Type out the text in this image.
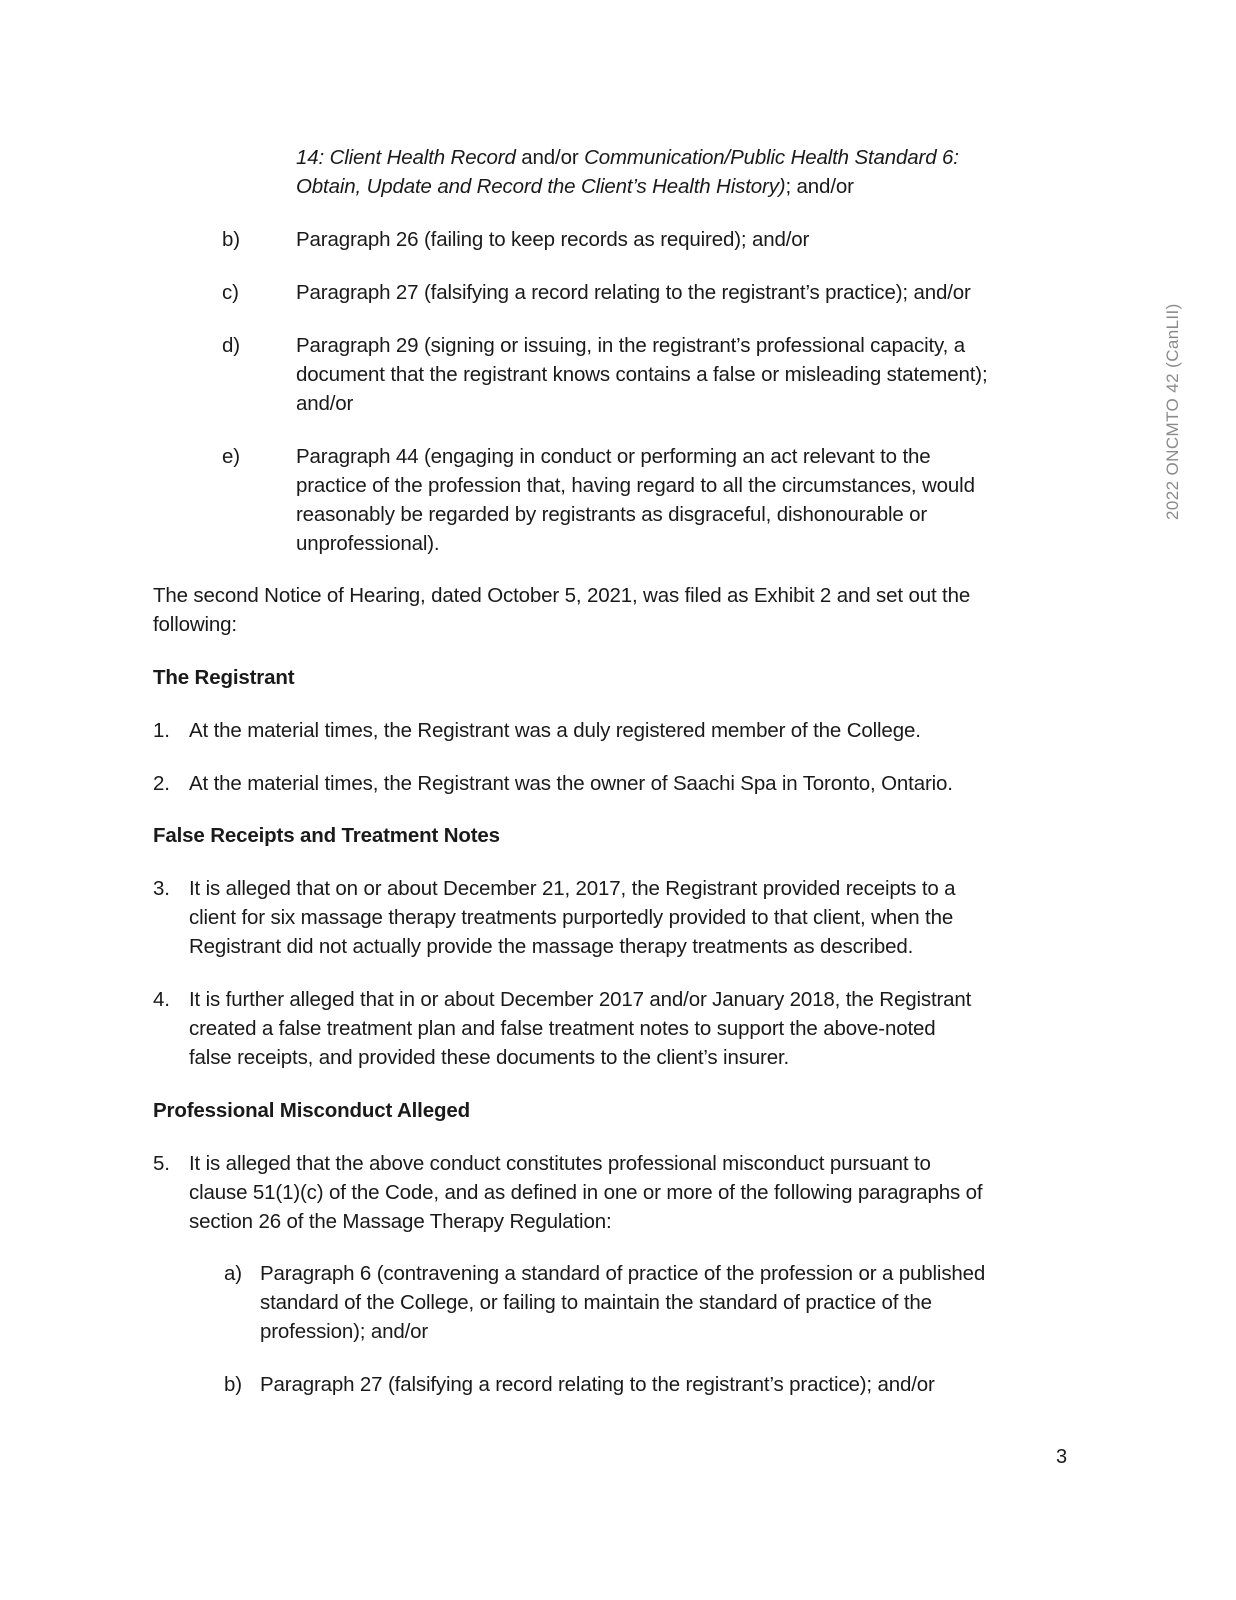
14: Client Health Record and/or Communication/Public Health Standard 6:
Obtain, Update and Record the Client’s Health History); and/or
b)	Paragraph 26 (failing to keep records as required); and/or
c)	Paragraph 27 (falsifying a record relating to the registrant’s practice); and/or
d)	Paragraph 29 (signing or issuing, in the registrant’s professional capacity, a
document that the registrant knows contains a false or misleading statement);
and/or
e)	Paragraph 44 (engaging in conduct or performing an act relevant to the
practice of the profession that, having regard to all the circumstances, would
reasonably be regarded by registrants as disgraceful, dishonourable or
unprofessional).
The second Notice of Hearing, dated October 5, 2021, was filed as Exhibit 2 and set out the
following:
The Registrant
1. At the material times, the Registrant was a duly registered member of the College.
2. At the material times, the Registrant was the owner of Saachi Spa in Toronto, Ontario.
False Receipts and Treatment Notes
3. It is alleged that on or about December 21, 2017, the Registrant provided receipts to a
client for six massage therapy treatments purportedly provided to that client, when the
Registrant did not actually provide the massage therapy treatments as described.
4. It is further alleged that in or about December 2017 and/or January 2018, the Registrant
created a false treatment plan and false treatment notes to support the above-noted
false receipts, and provided these documents to the client’s insurer.
Professional Misconduct Alleged
5. It is alleged that the above conduct constitutes professional misconduct pursuant to
clause 51(1)(c) of the Code, and as defined in one or more of the following paragraphs of
section 26 of the Massage Therapy Regulation:
a) Paragraph 6 (contravening a standard of practice of the profession or a published
standard of the College, or failing to maintain the standard of practice of the
profession); and/or
b) Paragraph 27 (falsifying a record relating to the registrant’s practice); and/or
2022 ONCMTO 42 (CanLII)
3
